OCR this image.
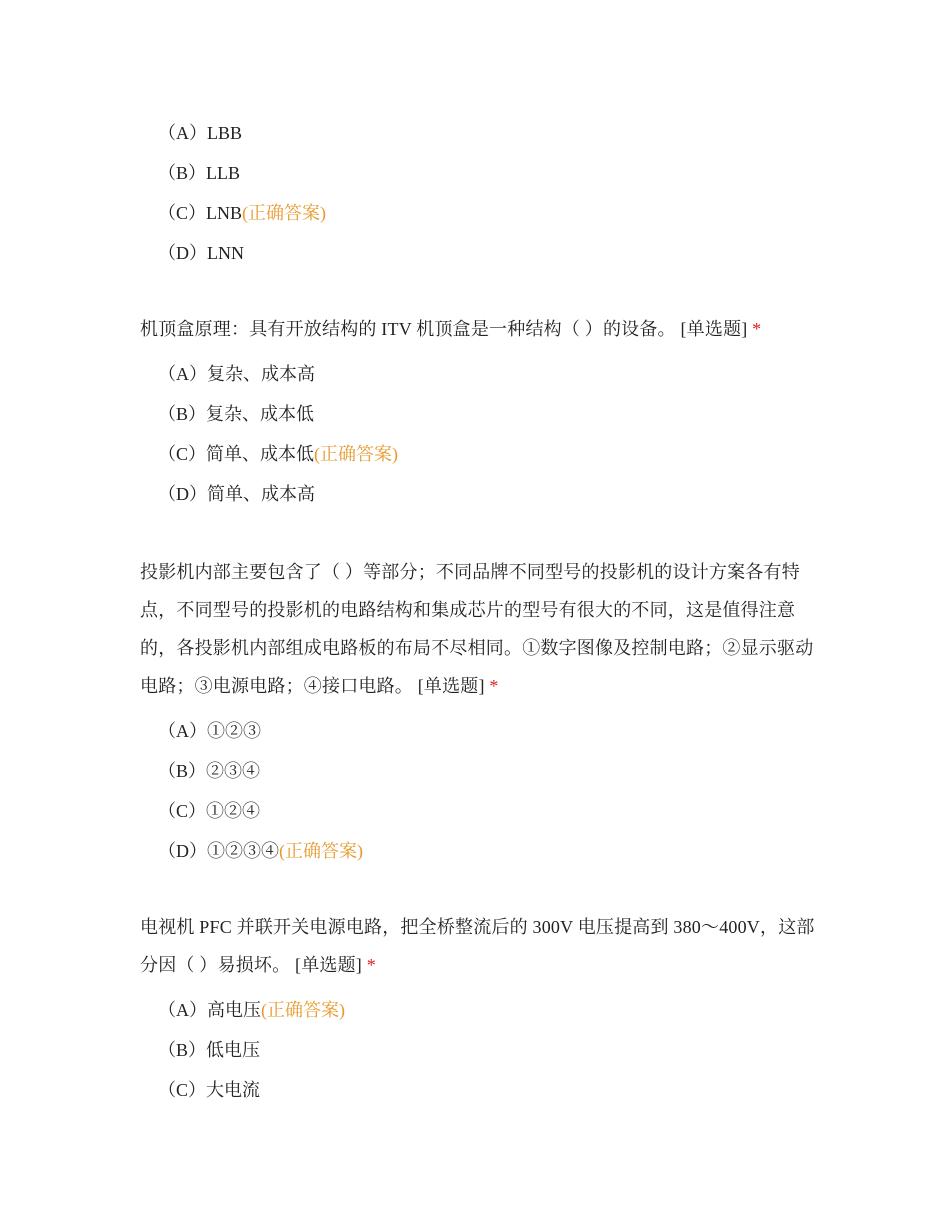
（A）LBB
（B）LLB
（C）LNB(正确答案)
（D）LNN

机顶盒原理：具有开放结构的 ITV 机顶盒是一种结构（ ）的设备。 [单选题] *

（A）复杂、成本高
（B）复杂、成本低
（C）简单、成本低(正确答案)
（D）简单、成本高

投影机内部主要包含了（ ）等部分；不同品牌不同型号的投影机的设计方案各有特点，不同型号的投影机的电路结构和集成芯片的型号有很大的不同，这是值得注意的，各投影机内部组成电路板的布局不尽相同。①数字图像及控制电路；②显示驱动电路；③电源电路；④接口电路。 [单选题] *

（A）①②③
（B）②③④
（C）①②④
（D）①②③④(正确答案)

电视机 PFC 并联开关电源电路，把全桥整流后的 300V 电压提高到 380～400V，这部分因（ ）易损坏。 [单选题] *

（A）高电压(正确答案)
（B）低电压
（C）大电流
